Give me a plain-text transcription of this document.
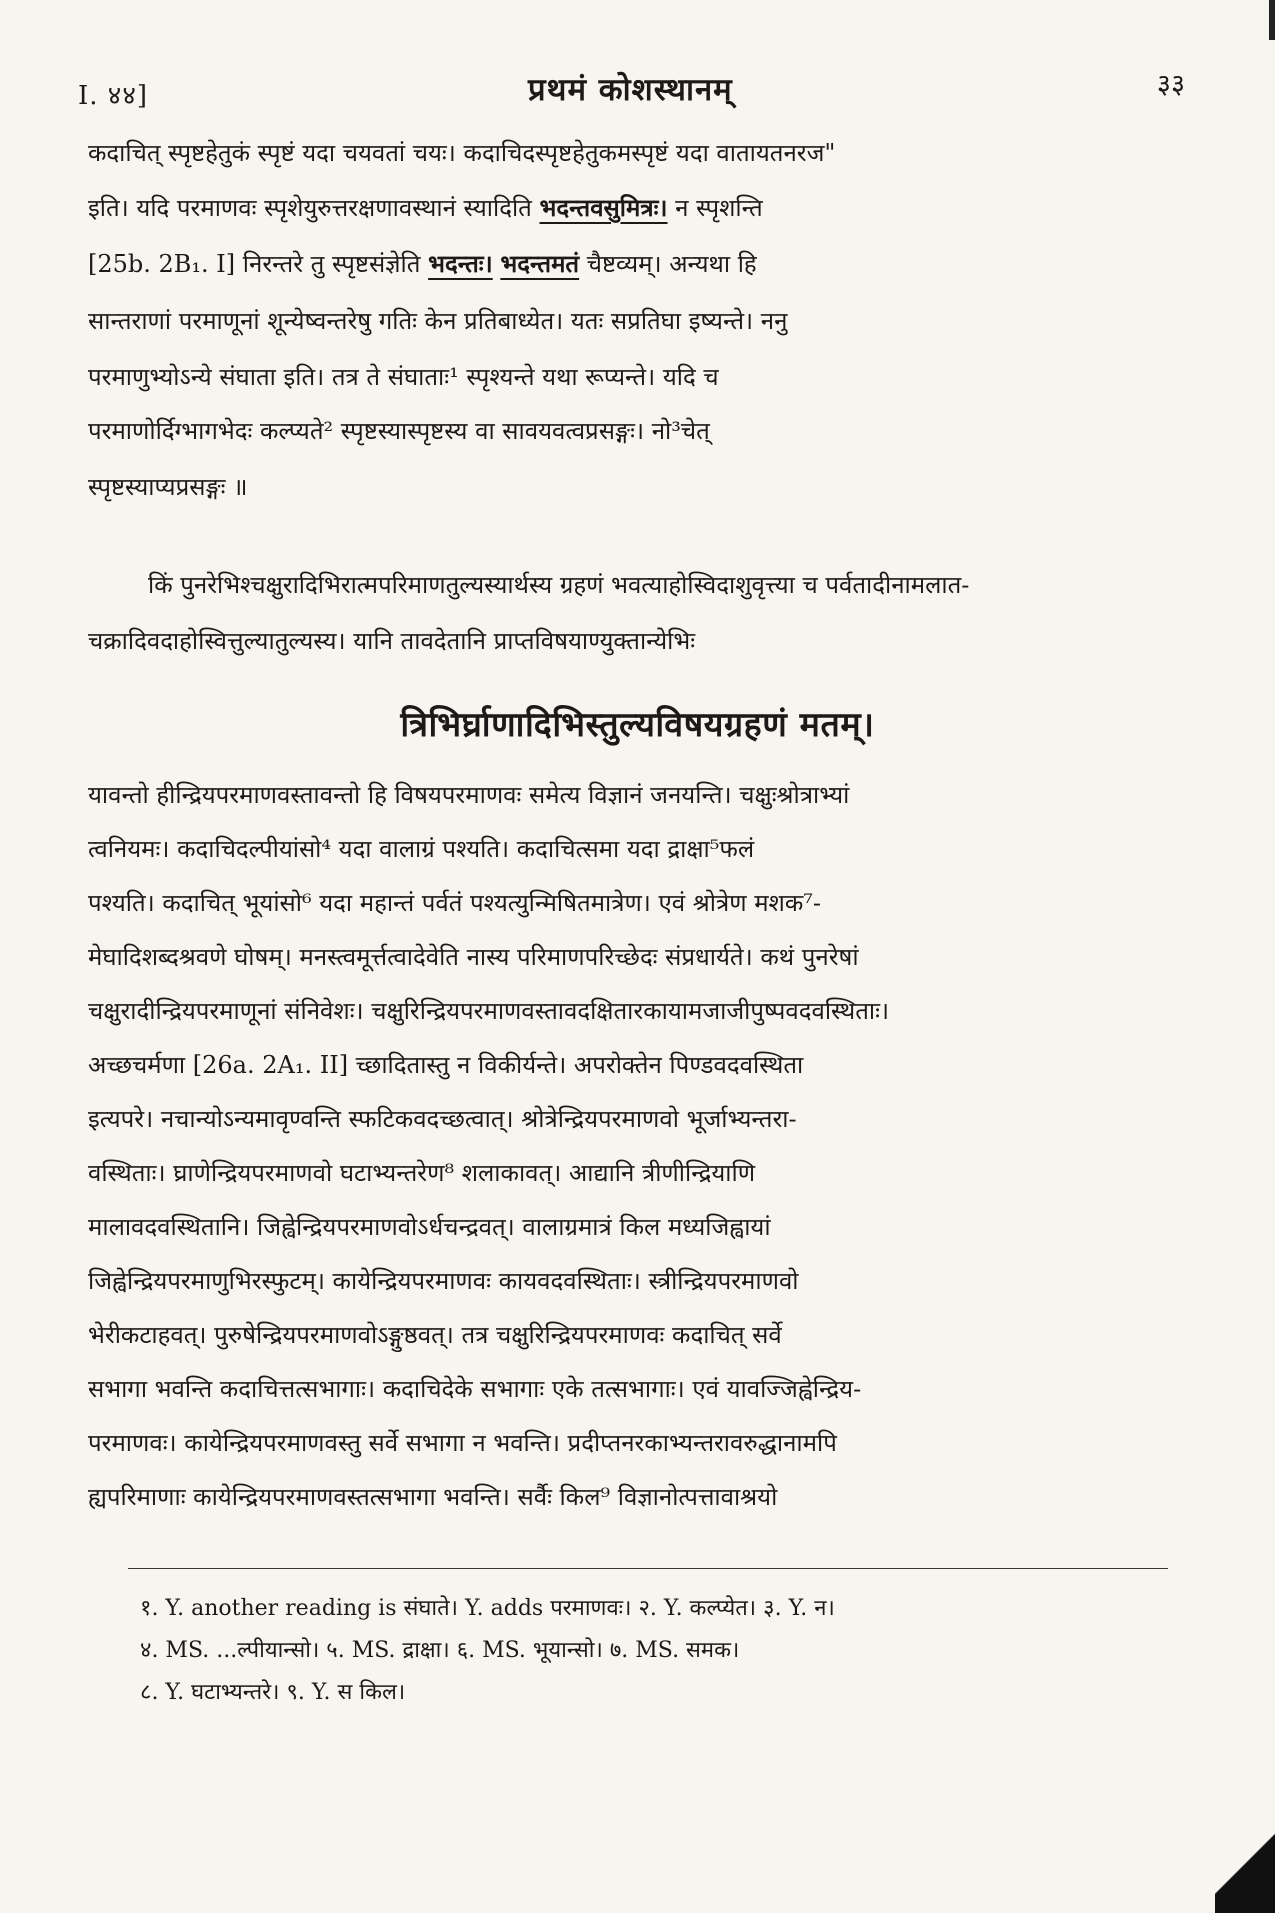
I. ४४]	प्रथमं कोशस्थानम्	३३
कदाचित् स्पृष्टहेतुकं स्पृष्टं यदा चयवतां चयः। कदाचिदस्पृष्टहेतुकमस्पृष्टं यदा वातायतनरज"
इति। यदि परमाणवः स्पृशेयुरुत्तरक्षणावस्थानं स्यादिति भदन्तवसुमित्रः। न स्पृशन्ति
[25b. 2B₁. I] निरन्तरे तु स्पृष्टसंज्ञेति भदन्तः। भदन्तमतं चैष्टव्यम्। अन्यथा हि
सान्तराणां परमाणूनां शून्येष्वन्तरेषु गतिः केन प्रतिबाध्येत। यतः सप्रतिघा इष्यन्ते। ननु
परमाणुभ्योऽन्ये संघाता इति। तत्र ते संघाताः¹ स्पृश्यन्ते यथा रूप्यन्ते। यदि च
परमाणोर्दिग्भागभेदः कल्प्यते² स्पृष्टस्यास्पृष्टस्य वा सावयवत्वप्रसङ्गः। नो³चेत्
स्पृष्टस्याप्यप्रसङ्गः ॥
किं पुनरेभिश्चक्षुरादिभिरात्मपरिमाणतुल्यस्यार्थस्य ग्रहणं भवत्याहोस्विदाशुवृत्त्या च पर्वतादीनामलात-
चक्रादिवदाहोस्वित्तुल्यातुल्यस्य। यानि तावदेतानि प्राप्तविषयाण्युक्तान्येभिः
त्रिभिर्घ्राणादिभिस्तुल्यविषयग्रहणं मतम्।
यावन्तो हीन्द्रियपरमाणवस्तावन्तो हि विषयपरमाणवः समेत्य विज्ञानं जनयन्ति। चक्षुःश्रोत्राभ्यां
त्वनियमः। कदाचिदल्पीयांसो⁴ यदा वालाग्रं पश्यति। कदाचित्समा यदा द्राक्षा⁵फलं
पश्यति। कदाचित् भूयांसो⁶ यदा महान्तं पर्वतं पश्यत्युन्मिषितमात्रेण। एवं श्रोत्रेण मशक⁷-
मेघादिशब्दश्रवणे घोषम्। मनस्त्वमूर्त्तत्वादेवेति नास्य परिमाणपरिच्छेदः संप्रधार्यते। कथं पुनरेषां
चक्षुरादीन्द्रियपरमाणूनां संनिवेशः। चक्षुरिन्द्रियपरमाणवस्तावदक्षितारकायामजाजीपुष्पवदवस्थिताः।
अच्छचर्मणा [26a. 2A₁. II] च्छादितास्तु न विकीर्यन्ते। अपरोक्तेन पिण्डवदवस्थिता
इत्यपरे। नचान्योऽन्यमावृण्वन्ति स्फटिकवदच्छत्वात्। श्रोत्रेन्द्रियपरमाणवो भूर्जाभ्यन्तरा-
वस्थिताः। घ्राणेन्द्रियपरमाणवो घटाभ्यन्तरेण⁸ शलाकावत्। आद्यानि त्रीणीन्द्रियाणि
मालावदवस्थितानि। जिह्वेन्द्रियपरमाणवोऽर्धचन्द्रवत्। वालाग्रमात्रं किल मध्यजिह्वायां
जिह्वेन्द्रियपरमाणुभिरस्फुटम्। कायेन्द्रियपरमाणवः कायवदवस्थिताः। स्त्रीन्द्रियपरमाणवो
भेरीकटाहवत्। पुरुषेन्द्रियपरमाणवोऽङ्गुष्ठवत्। तत्र चक्षुरिन्द्रियपरमाणवः कदाचित् सर्वे
सभागा भवन्ति कदाचित्तत्सभागाः। कदाचिदेके सभागाः एके तत्सभागाः। एवं यावज्जिह्वेन्द्रिय-
परमाणवः। कायेन्द्रियपरमाणवस्तु सर्वे सभागा न भवन्ति। प्रदीप्तनरकाभ्यन्तरावरुद्धानामपि
ह्यपरिमाणाः कायेन्द्रियपरमाणवस्तत्सभागा भवन्ति। सर्वैः किल⁹ विज्ञानोत्पत्तावाश्रयो
१. Y. another reading is संघाते। Y. adds परमाणवः। २. Y. कल्प्येत। ३. Y. न।
४. MS. ...ल्पीयान्सो। ५. MS. द्राक्षा। ६. MS. भूयान्सो। ७. MS. समक।
८. Y. घटाभ्यन्तरे। ९. Y. स किल।
